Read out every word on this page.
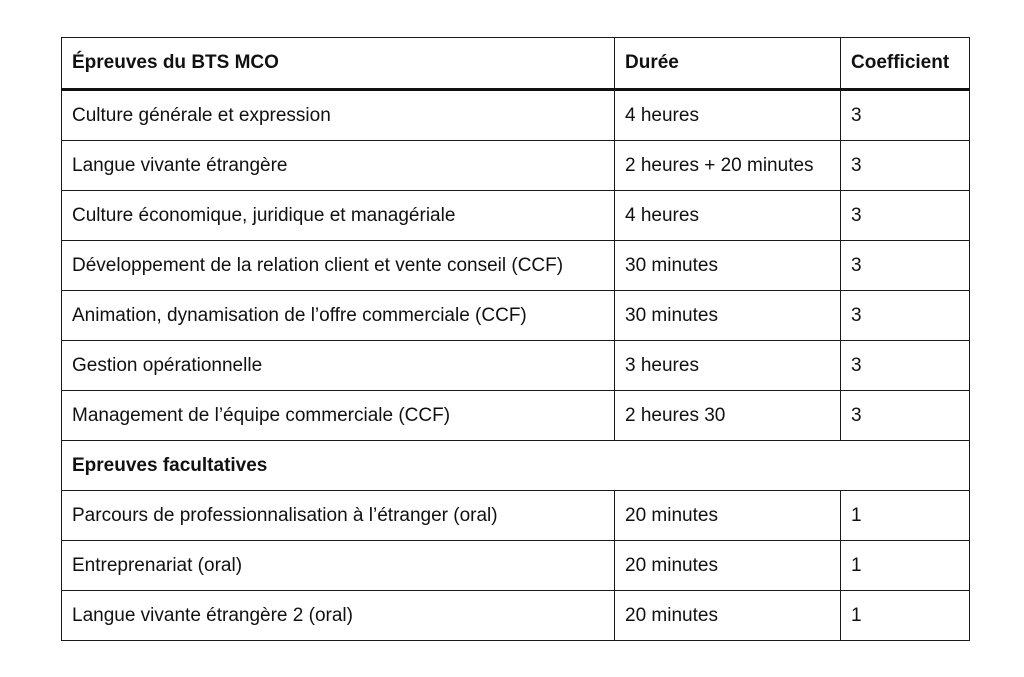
Épreuves du BTS MCO	Durée	Coefficient
Culture générale et expression	4 heures	3
Langue vivante étrangère	2 heures + 20 minutes	3
Culture économique, juridique et managériale	4 heures	3
Développement de la relation client et vente conseil (CCF)	30 minutes	3
Animation, dynamisation de l’offre commerciale (CCF)	30 minutes	3
Gestion opérationnelle	3 heures	3
Management de l’équipe commerciale (CCF)	2 heures 30	3
Epreuves facultatives		
Parcours de professionnalisation à l’étranger (oral)	20 minutes	1
Entreprenariat (oral)	20 minutes	1
Langue vivante étrangère 2 (oral)	20 minutes	1
